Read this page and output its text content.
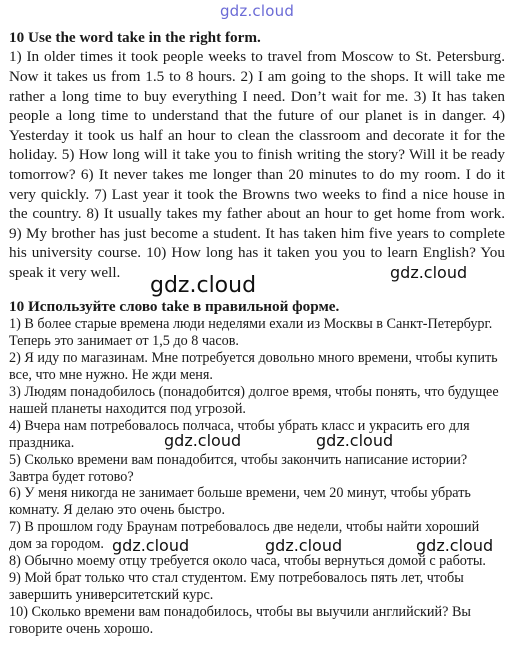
gdz.cloud

10 Use the word take in the right form.

1) In older times it took people weeks to travel from Moscow to St. Petersburg. Now it takes us from 1.5 to 8 hours. 2) I am going to the shops. It will take me rather a long time to buy everything I need. Don’t wait for me. 3) It has taken people a long time to understand that the future of our planet is in danger. 4) Yesterday it took us half an hour to clean the classroom and decorate it for the holiday. 5) How long will it take you to finish writing the story? Will it be ready tomorrow? 6) It never takes me longer than 20 minutes to do my room. I do it very quickly. 7) Last year it took the Browns two weeks to find a nice house in the country. 8) It usually takes my father about an hour to get home from work. 9) My brother has just become a student. It has taken him five years to complete his university course. 10) How long has it taken you you to learn English? You speak it very well.

10 Используйте слово take в правильной форме.

1) В более старые времена люди неделями ехали из Москвы в Санкт-Петербург. Теперь это занимает от 1,5 до 8 часов.

2) Я иду по магазинам. Мне потребуется довольно много времени, чтобы купить все, что мне нужно. Не жди меня.

3) Людям понадобилось (понадобится) долгое время, чтобы понять, что будущее нашей планеты находится под угрозой.

4) Вчера нам потребовалось полчаса, чтобы убрать класс и украсить его для праздника.

5) Сколько времени вам понадобится, чтобы закончить написание истории? Завтра будет готово?

6) У меня никогда не занимает больше времени, чем 20 минут, чтобы убрать комнату. Я делаю это очень быстро.

7) В прошлом году Браунам потребовалось две недели, чтобы найти хороший дом за городом.

8) Обычно моему отцу требуется около часа, чтобы вернуться домой с работы.

9) Мой брат только что стал студентом. Ему потребовалось пять лет, чтобы завершить университетский курс.

10) Сколько времени вам понадобилось, чтобы вы выучили английский? Вы говорите очень хорошо.

gdz.cloud
gdz.cloud
gdz.cloud	gdz.cloud
gdz.cloud	gdz.cloud	gdz.cloud
